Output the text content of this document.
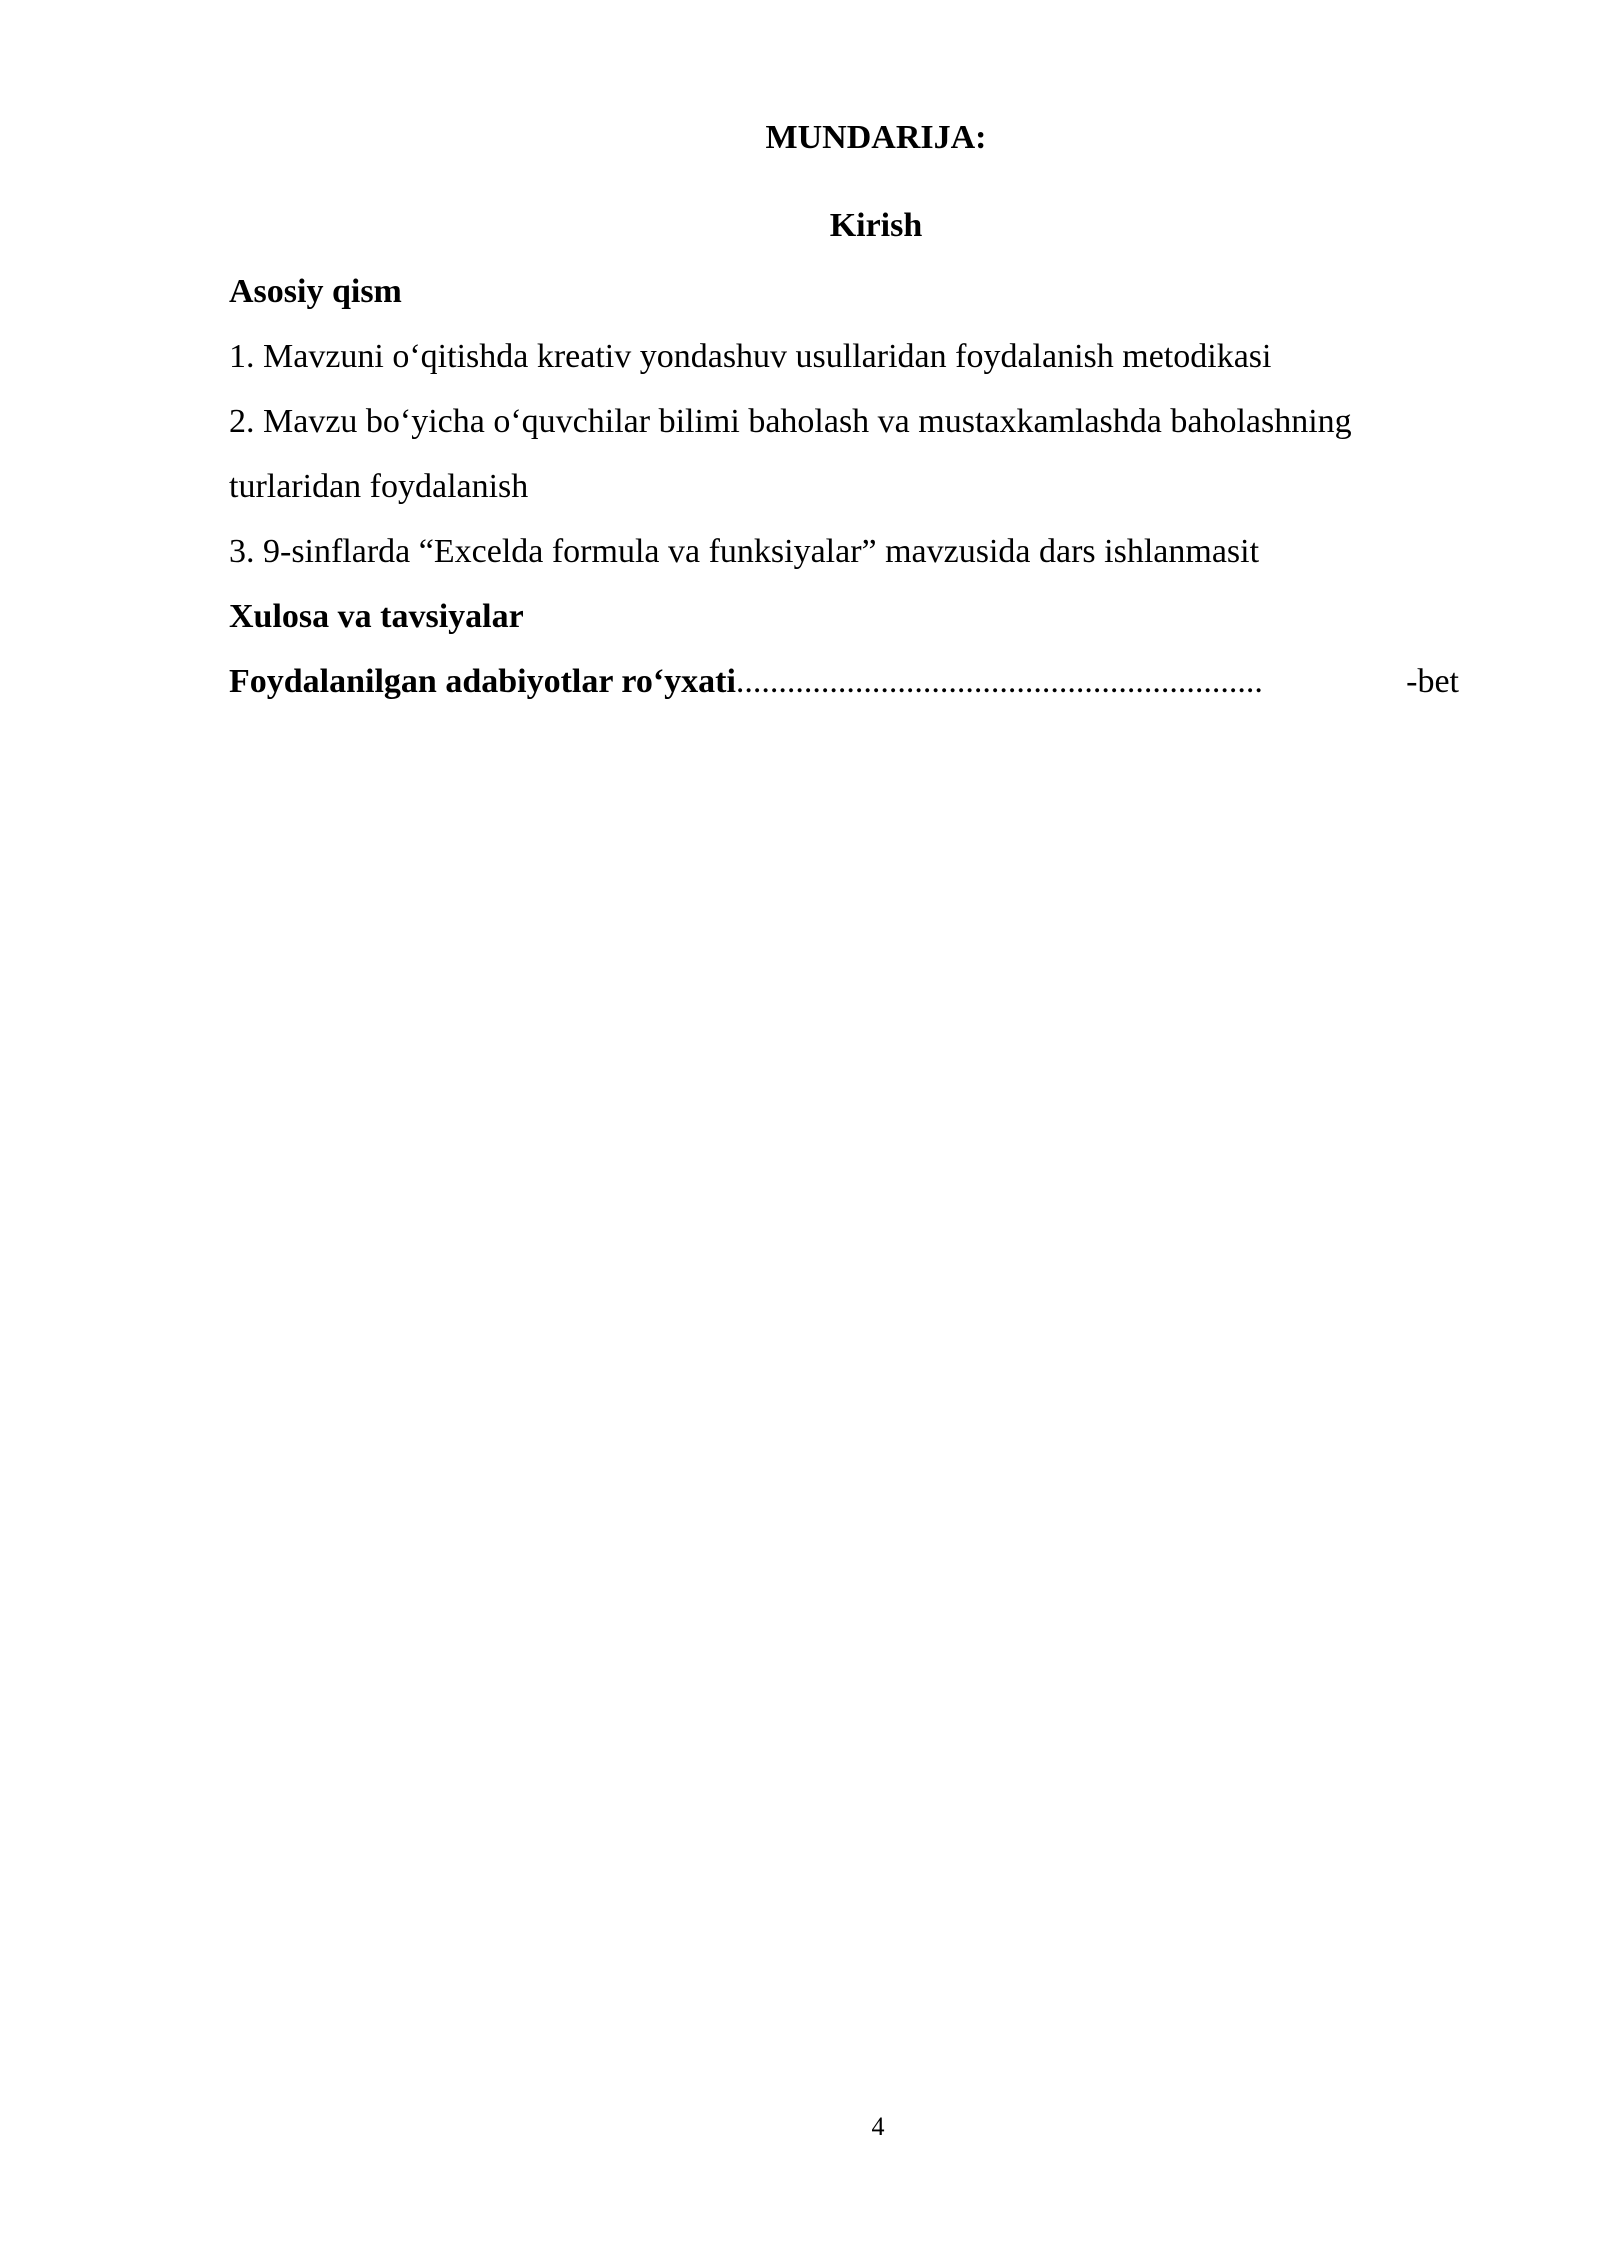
MUNDARIJA:
Kirish
Asosiy qism
1. Mavzuni o‘qitishda kreativ yondashuv usullaridan foydalanish metodikasi
2. Mavzu bo‘yicha o‘quvchilar bilimi baholash va mustaxkamlashda baholashning
turlaridan foydalanish
3. 9-sinflarda “Excelda formula va funksiyalar” mavzusida dars ishlanmasit
Xulosa va tavsiyalar
Foydalanilgan adabiyotlar ro‘yxati ..............................................................	-bet
4
